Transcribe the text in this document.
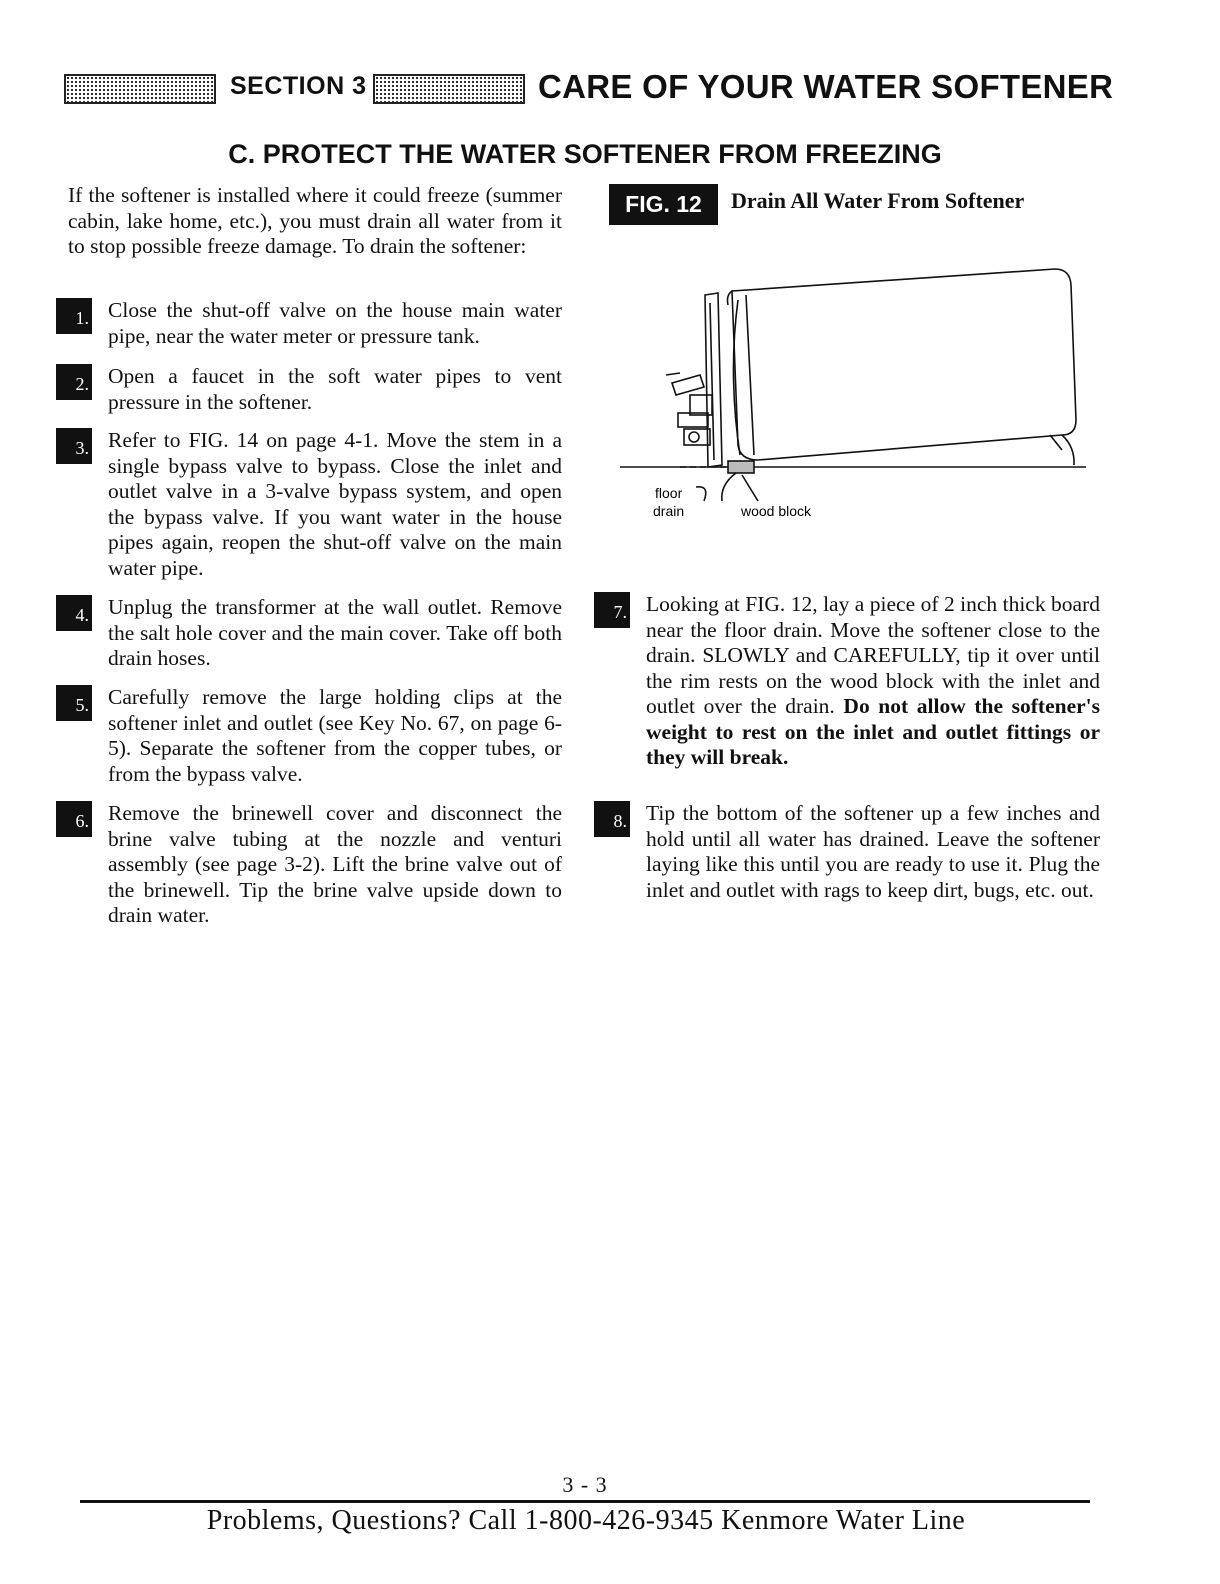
SECTION 3	CARE OF YOUR WATER SOFTENER
C. PROTECT THE WATER SOFTENER FROM FREEZING
If the softener is installed where it could freeze (summer cabin, lake home, etc.), you must drain all water from it to stop possible freeze damage. To drain the softener:
1. Close the shut-off valve on the house main water pipe, near the water meter or pressure tank.
2. Open a faucet in the soft water pipes to vent pressure in the softener.
3. Refer to FIG. 14 on page 4-1. Move the stem in a single bypass valve to bypass. Close the inlet and outlet valve in a 3-valve bypass system, and open the bypass valve. If you want water in the house pipes again, reopen the shut-off valve on the main water pipe.
4. Unplug the transformer at the wall outlet. Remove the salt hole cover and the main cover. Take off both drain hoses.
5. Carefully remove the large holding clips at the softener inlet and outlet (see Key No. 67, on page 6-5). Separate the softener from the copper tubes, or from the bypass valve.
6. Remove the brinewell cover and disconnect the brine valve tubing at the nozzle and venturi assembly (see page 3-2). Lift the brine valve out of the brinewell. Tip the brine valve upside down to drain water.
FIG. 12	Drain All Water From Softener
floor
drain	wood block
7. Looking at FIG. 12, lay a piece of 2 inch thick board near the floor drain. Move the softener close to the drain. SLOWLY and CAREFULLY, tip it over until the rim rests on the wood block with the inlet and outlet over the drain. Do not allow the softener's weight to rest on the inlet and outlet fittings or they will break.
8. Tip the bottom of the softener up a few inches and hold until all water has drained. Leave the softener laying like this until you are ready to use it. Plug the inlet and outlet with rags to keep dirt, bugs, etc. out.
3 - 3
Problems, Questions? Call 1-800-426-9345 Kenmore Water Line
